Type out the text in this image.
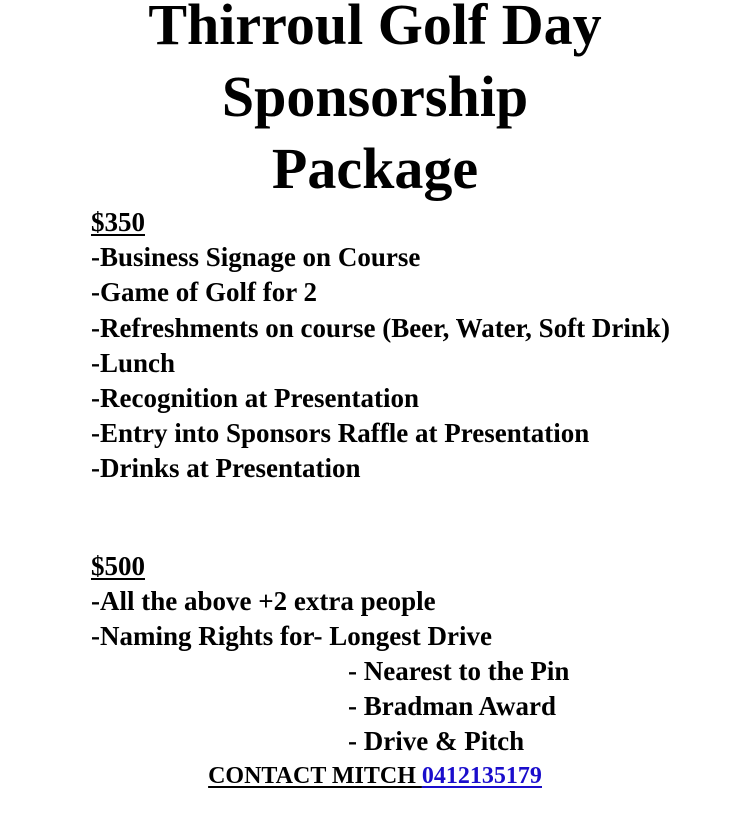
Thirroul Golf Day
Sponsorship
Package
$350
-Business Signage on Course
-Game of Golf for 2
-Refreshments on course (Beer, Water, Soft Drink)
-Lunch
-Recognition at Presentation
-Entry into Sponsors Raffle at Presentation
-Drinks at Presentation
$500
-All the above +2 extra people
-Naming Rights for- Longest Drive
- Nearest to the Pin
- Bradman Award
- Drive & Pitch
CONTACT MITCH 0412135179
